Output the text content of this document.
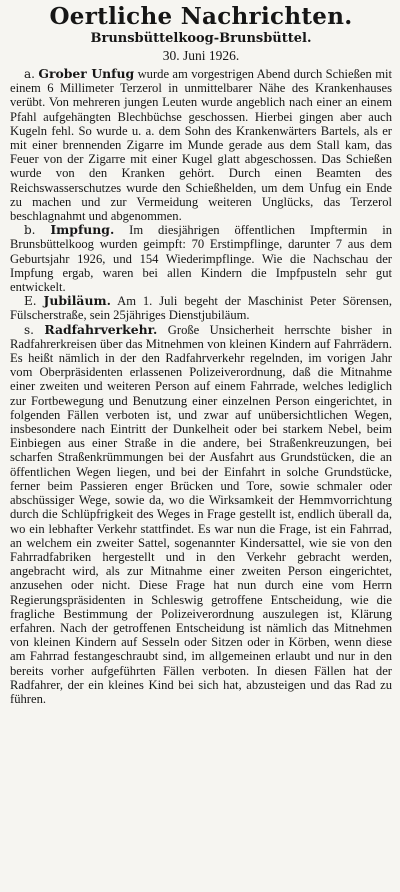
Oertliche Nachrichten.
Brunsbüttelkoog-Brunsbüttel.
30. Juni 1926.

a. Grober Unfug wurde am vorgestrigen Abend durch Schießen mit einem 6 Millimeter Terzerol in unmittelbarer Nähe des Krankenhauses verübt. Von mehreren jungen Leuten wurde angeblich nach einer an einem Pfahl aufgehängten Blechbüchse geschossen. Hierbei gingen aber auch Kugeln fehl. So wurde u. a. dem Sohn des Krankenwärters Bartels, als er mit einer brennenden Zigarre im Munde gerade aus dem Stall kam, das Feuer von der Zigarre mit einer Kugel glatt abgeschossen. Das Schießen wurde von den Kranken gehört. Durch einen Beamten des Reichswasserschutzes wurde den Schießhelden, um dem Unfug ein Ende zu machen und zur Vermeidung weiteren Unglücks, das Terzerol beschlagnahmt und abgenommen.

b. Impfung. Im diesjährigen öffentlichen Impftermin in Brunsbüttelkoog wurden geimpft: 70 Erstimpflinge, darunter 7 aus dem Geburtsjahr 1926, und 154 Wiederimpflinge. Wie die Nachschau der Impfung ergab, waren bei allen Kindern die Impfpusteln sehr gut entwickelt.

E. Jubiläum. Am 1. Juli begeht der Maschinist Peter Sörensen, Fülscherstraße, sein 25jähriges Dienstjubiläum.

s. Radfahrverkehr. Große Unsicherheit herrschte bisher in Radfahrerkreisen über das Mitnehmen von kleinen Kindern auf Fahrrädern. Es heißt nämlich in der den Radfahrverkehr regelnden, im vorigen Jahr vom Oberpräsidenten erlassenen Polizeiverordnung, daß die Mitnahme einer zweiten und weiteren Person auf einem Fahrrade, welches lediglich zur Fortbewegung und Benutzung einer einzelnen Person eingerichtet, in folgenden Fällen verboten ist, und zwar auf unübersichtlichen Wegen, insbesondere nach Eintritt der Dunkelheit oder bei starkem Nebel, beim Einbiegen aus einer Straße in die andere, bei Straßenkreuzungen, bei scharfen Straßenkrümmungen bei der Ausfahrt aus Grundstücken, die an öffentlichen Wegen liegen, und bei der Einfahrt in solche Grundstücke, ferner beim Passieren enger Brücken und Tore, sowie schmaler oder abschüssiger Wege, sowie da, wo die Wirksamkeit der Hemmvorrichtung durch die Schlüpfrigkeit des Weges in Frage gestellt ist, endlich überall da, wo ein lebhafter Verkehr stattfindet. Es war nun die Frage, ist ein Fahrrad, an welchem ein zweiter Sattel, sogenannter Kindersattel, wie sie von den Fahrradfabriken hergestellt und in den Verkehr gebracht werden, angebracht wird, als zur Mitnahme einer zweiten Person eingerichtet, anzusehen oder nicht. Diese Frage hat nun durch eine vom Herrn Regierungspräsidenten in Schleswig getroffene Entscheidung, wie die fragliche Bestimmung der Polizeiverordnung auszulegen ist, Klärung erfahren. Nach der getroffenen Entscheidung ist nämlich das Mitnehmen von kleinen Kindern auf Sesseln oder Sitzen oder in Körben, wenn diese am Fahrrad festangeschraubt sind, im allgemeinen erlaubt und nur in den bereits vorher aufgeführten Fällen verboten. In diesen Fällen hat der Radfahrer, der ein kleines Kind bei sich hat, abzusteigen und das Rad zu führen.
